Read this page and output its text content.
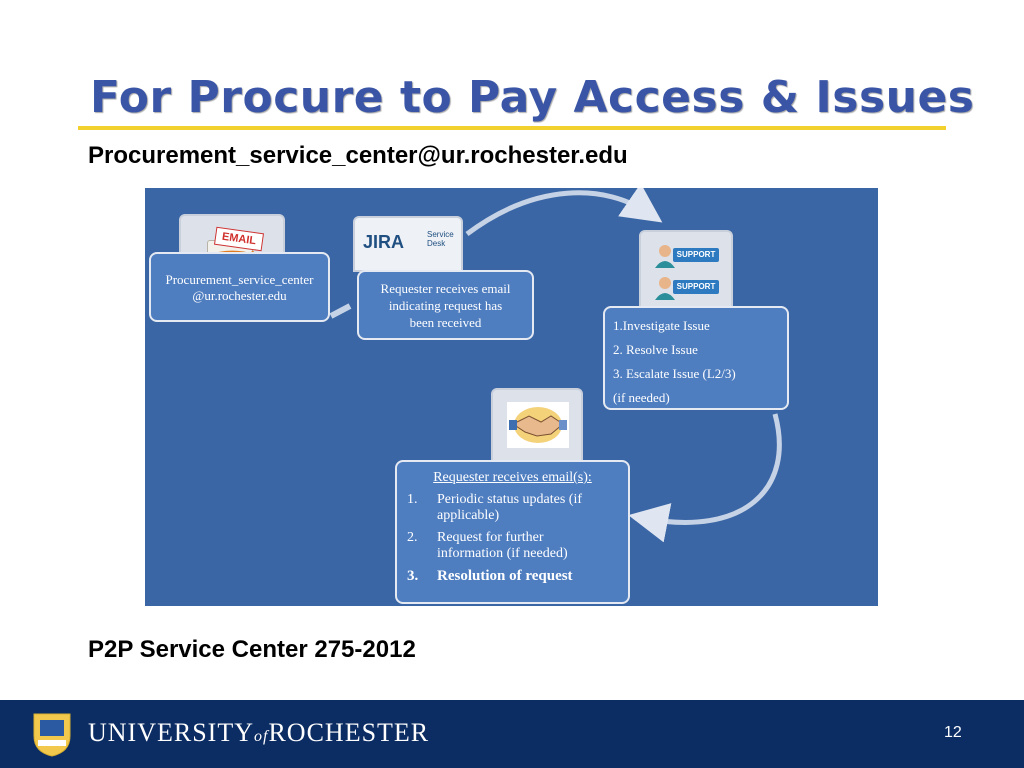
For Procure to Pay Access & Issues
Procurement_service_center@ur.rochester.edu
EMAIL
Procurement_service_center
@ur.rochester.edu
JIRA	Service
Desk
Requester receives email
indicating request has
been received
SUPPORT
SUPPORT
1.Investigate Issue
2. Resolve Issue
3. Escalate Issue (L2/3)
(if needed)
Requester receives email(s):
1.	Periodic status updates (if
applicable)
2.	Request for further
information (if needed)
3.	Resolution of request
P2P Service Center 275-2012
UNIVERSITYofROCHESTER	12
